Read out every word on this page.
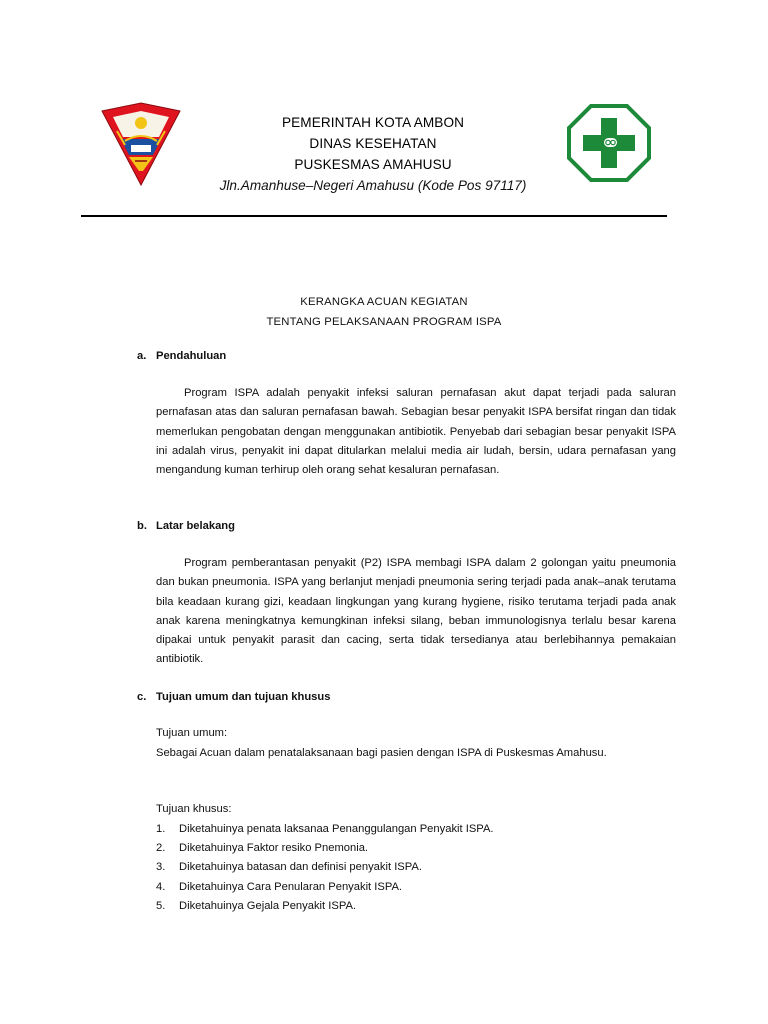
PEMERINTAH KOTA AMBON
DINAS KESEHATAN
PUSKESMAS AMAHUSU
Jln.Amanhuse–Negeri Amahusu (Kode Pos 97117)
KERANGKA ACUAN KEGIATAN
TENTANG PELAKSANAAN PROGRAM ISPA
a. Pendahuluan
Program ISPA adalah penyakit infeksi saluran pernafasan akut dapat terjadi pada saluran pernafasan atas dan saluran pernafasan bawah. Sebagian besar penyakit ISPA bersifat ringan dan tidak memerlukan pengobatan dengan menggunakan antibiotik. Penyebab dari sebagian besar penyakit ISPA ini adalah virus, penyakit ini dapat ditularkan melalui media air ludah, bersin, udara pernafasan yang mengandung kuman terhirup oleh orang sehat kesaluran pernafasan.
b. Latar belakang
Program pemberantasan penyakit (P2) ISPA membagi ISPA dalam 2 golongan yaitu pneumonia dan bukan pneumonia. ISPA yang berlanjut menjadi pneumonia sering terjadi pada anak–anak terutama bila keadaan kurang gizi, keadaan lingkungan yang kurang hygiene, risiko terutama terjadi pada anak anak karena meningkatnya kemungkinan infeksi silang, beban immunologisnya terlalu besar karena dipakai untuk penyakit parasit dan cacing, serta tidak tersedianya atau berlebihannya pemakaian antibiotik.
c. Tujuan umum dan tujuan khusus
Tujuan umum:
Sebagai Acuan dalam penatalaksanaan bagi pasien dengan ISPA di Puskesmas Amahusu.
Tujuan khusus:
1. Diketahuinya penata laksanaa Penanggulangan Penyakit ISPA.
2. Diketahuinya Faktor resiko Pnemonia.
3. Diketahuinya batasan dan definisi penyakit ISPA.
4. Diketahuinya Cara Penularan Penyakit ISPA.
5. Diketahuinya Gejala Penyakit ISPA.
